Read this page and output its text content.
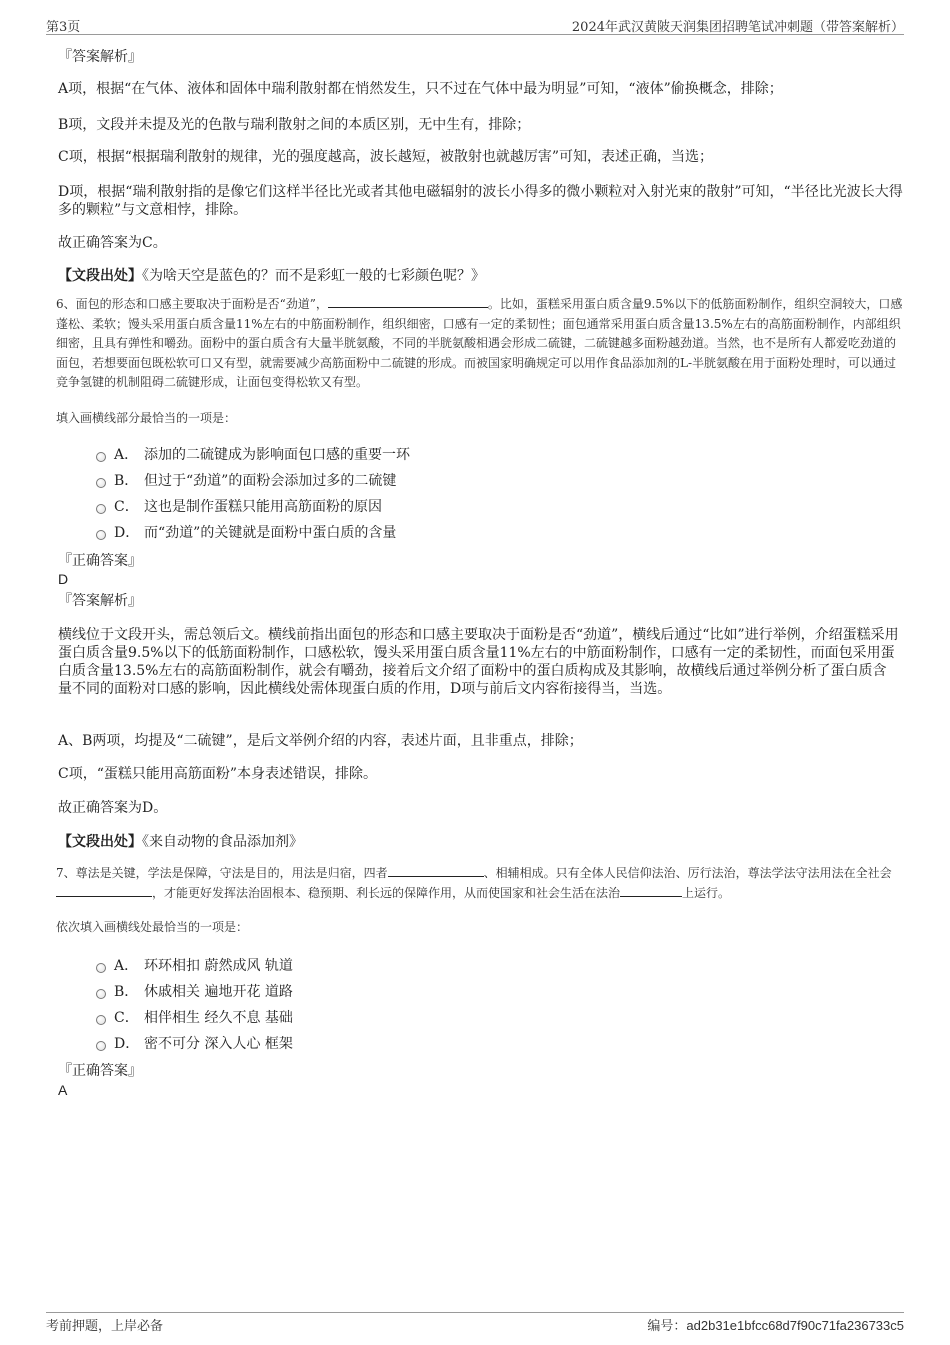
第3页	2024年武汉黄陂天润集团招聘笔试冲刺题（带答案解析）

『答案解析』

A项，根据“在气体、液体和固体中瑞利散射都在悄然发生，只不过在气体中最为明显”可知，“液体”偷换概念，排除；

B项，文段并未提及光的色散与瑞利散射之间的本质区别，无中生有，排除；

C项，根据“根据瑞利散射的规律，光的强度越高，波长越短，被散射也就越厉害”可知，表述正确，当选；

D项，根据“瑞利散射指的是像它们这样半径比光或者其他电磁辐射的波长小得多的微小颗粒对入射光束的散射”可知，“半径比光波长大得多的颗粒”与文意相悖，排除。

故正确答案为C。

【文段出处】《为啥天空是蓝色的？而不是彩虹一般的七彩颜色呢？》

6、面包的形态和口感主要取决于面粉是否“劲道”，	。比如，蛋糕采用蛋白质含量9.5%以下的低筋面粉制作，组织空洞较大，口感蓬松、柔软；馒头采用蛋白质含量11%左右的中筋面粉制作，组织细密，口感有一定的柔韧性；面包通常采用蛋白质含量13.5%左右的高筋面粉制作，内部组织细密，且具有弹性和嚼劲。面粉中的蛋白质含有大量半胱氨酸，不同的半胱氨酸相遇会形成二硫键，二硫键越多面粉越劲道。当然，也不是所有人都爱吃劲道的面包，若想要面包既松软可口又有型，就需要减少高筋面粉中二硫键的形成。而被国家明确规定可以用作食品添加剂的L-半胱氨酸在用于面粉处理时，可以通过竞争氢键的机制阻碍二硫键形成，让面包变得松软又有型。

填入画横线部分最恰当的一项是：

A． 添加的二硫键成为影响面包口感的重要一环
B． 但过于“劲道”的面粉会添加过多的二硫键
C． 这也是制作蛋糕只能用高筋面粉的原因
D． 而“劲道”的关键就是面粉中蛋白质的含量

『正确答案』

D

『答案解析』

横线位于文段开头，需总领后文。横线前指出面包的形态和口感主要取决于面粉是否“劲道”，横线后通过“比如”进行举例，介绍蛋糕采用蛋白质含量9.5%以下的低筋面粉制作，口感松软，馒头采用蛋白质含量11%左右的中筋面粉制作，口感有一定的柔韧性，而面包采用蛋白质含量13.5%左右的高筋面粉制作，就会有嚼劲，接着后文介绍了面粉中的蛋白质构成及其影响，故横线后通过举例分析了蛋白质含量不同的面粉对口感的影响，因此横线处需体现蛋白质的作用，D项与前后文内容衔接得当，当选。

A、B两项，均提及“二硫键”，是后文举例介绍的内容，表述片面，且非重点，排除；

C项，“蛋糕只能用高筋面粉”本身表述错误，排除。

故正确答案为D。

【文段出处】《来自动物的食品添加剂》

7、尊法是关键，学法是保障，守法是目的，用法是归宿，四者	、相辅相成。只有全体人民信仰法治、厉行法治，尊法学法守法用法在全社会，才能更好发挥法治固根本、稳预期、利长远的保障作用，从而使国家和社会生活在法治	上运行。

依次填入画横线处最恰当的一项是：

A． 环环相扣 蔚然成风 轨道
B． 休戚相关 遍地开花 道路
C． 相伴相生 经久不息 基础
D． 密不可分 深入人心 框架

『正确答案』

A

考前押题，上岸必备	编号：ad2b31e1bfcc68d7f90c71fa236733c5
